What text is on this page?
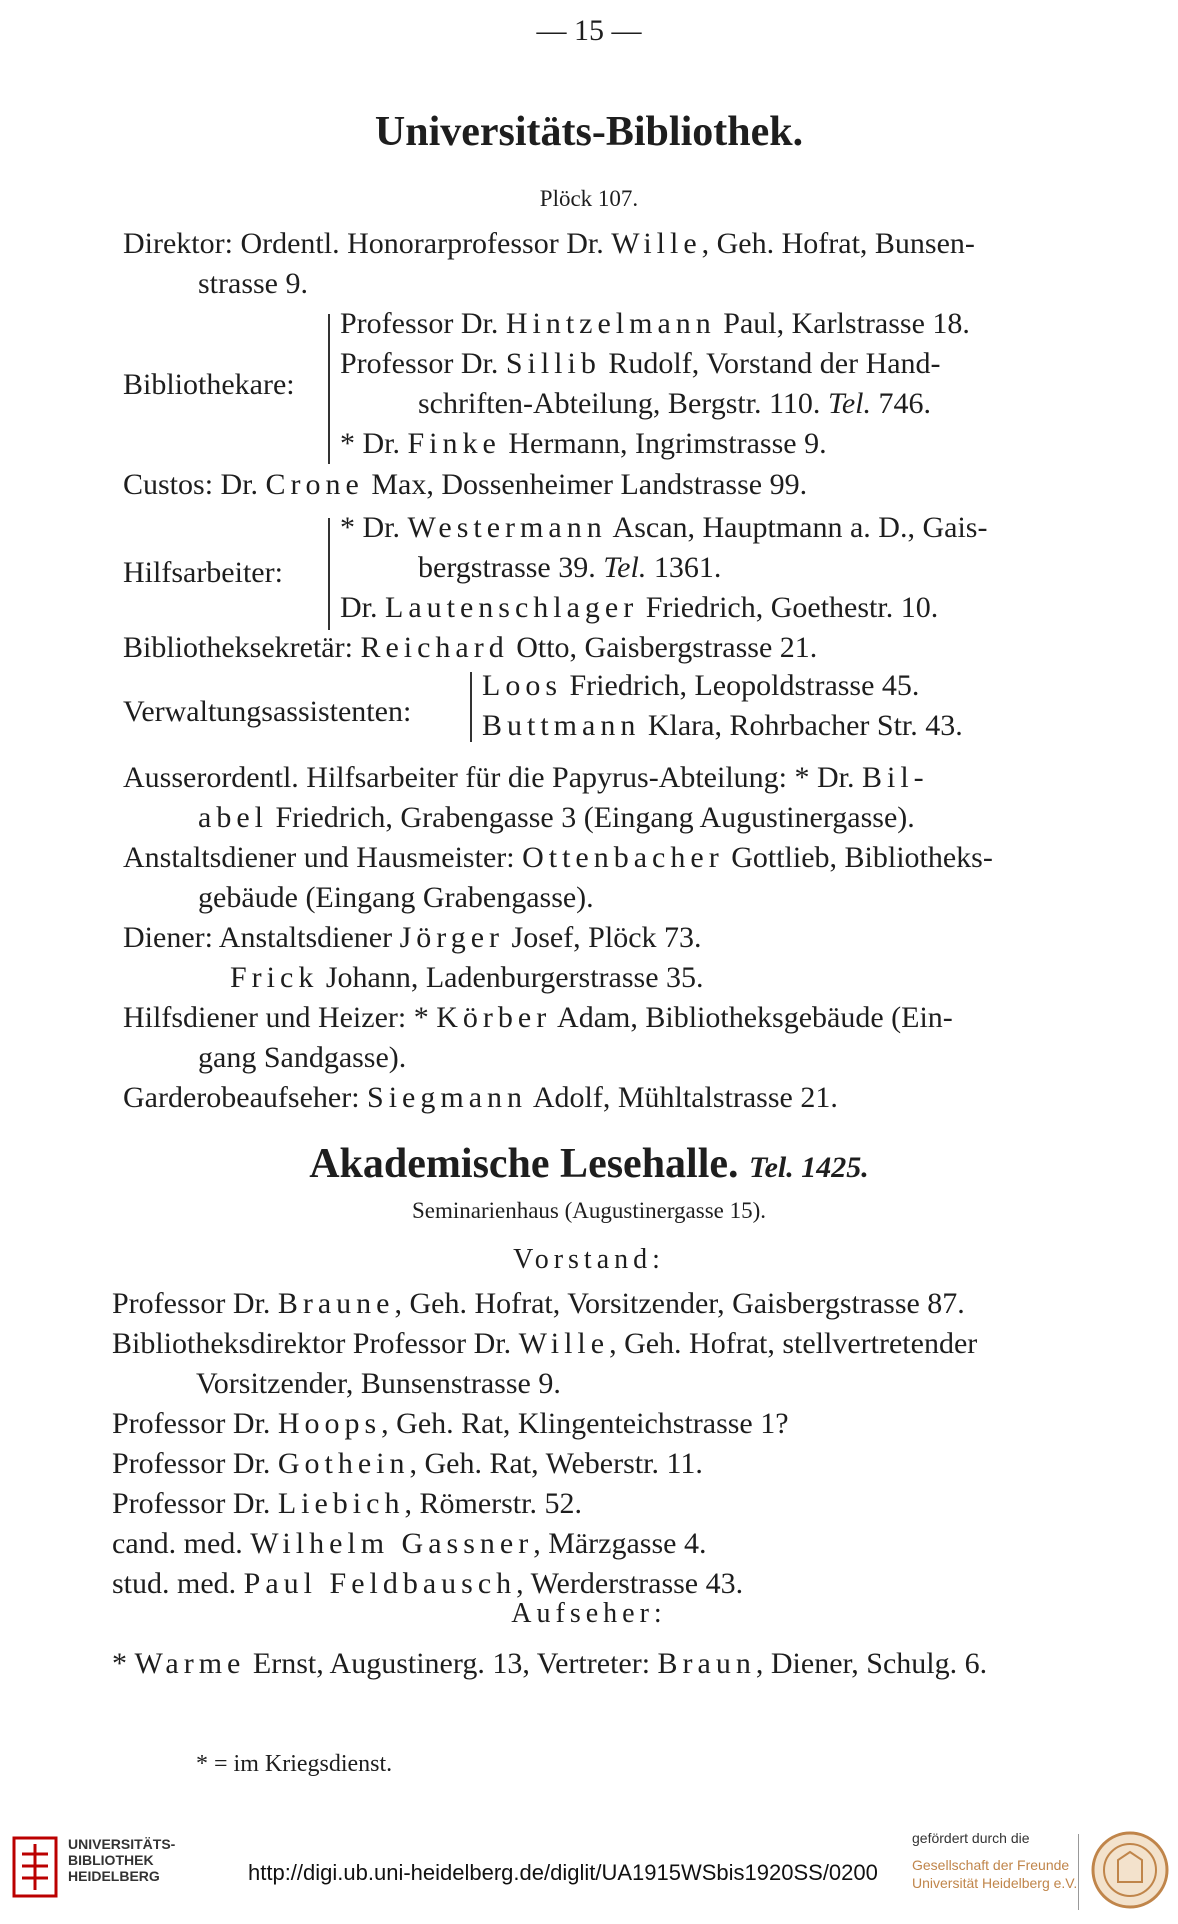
— 15 —
Universitäts-Bibliothek.
Plöck 107.
Direktor: Ordentl. Honorarprofessor Dr. Wille, Geh. Hofrat, Bunsen-
strasse 9.
Bibliothekare:
Professor Dr. Hintzelmann Paul, Karlstrasse 18.
Professor Dr. Sillib Rudolf, Vorstand der Hand-
schriften-Abteilung, Bergstr. 110. Tel. 746.
* Dr. Finke Hermann, Ingrimstrasse 9.
Custos: Dr. Crone Max, Dossenheimer Landstrasse 99.
Hilfsarbeiter:
* Dr. Westermann Ascan, Hauptmann a. D., Gais-
bergstrasse 39. Tel. 1361.
Dr. Lautenschlager Friedrich, Goethestr. 10.
Bibliotheksekretär: Reichard Otto, Gaisbergstrasse 21.
Verwaltungsassistenten:
Loos Friedrich, Leopoldstrasse 45.
Buttmann Klara, Rohrbacher Str. 43.
Ausserordentl. Hilfsarbeiter für die Papyrus-Abteilung: * Dr. Bil-
abel Friedrich, Grabengasse 3 (Eingang Augustinergasse).
Anstaltsdiener und Hausmeister: Ottenbacher Gottlieb, Bibliotheks-
gebäude (Eingang Grabengasse).
Diener: Anstaltsdiener Jörger Josef, Plöck 73.
Frick Johann, Ladenburgerstrasse 35.
Hilfsdiener und Heizer: * Körber Adam, Bibliotheksgebäude (Ein-
gang Sandgasse).
Garderobeaufseher: Siegmann Adolf, Mühltalstrasse 21.
Akademische Lesehalle. Tel. 1425.
Seminarienhaus (Augustinergasse 15).
Vorstand:
Professor Dr. Braune, Geh. Hofrat, Vorsitzender, Gaisbergstrasse 87.
Bibliotheksdirektor Professor Dr. Wille, Geh. Hofrat, stellvertretender
Vorsitzender, Bunsenstrasse 9.
Professor Dr. Hoops, Geh. Rat, Klingenteichstrasse 1?
Professor Dr. Gothein, Geh. Rat, Weberstr. 11.
Professor Dr. Liebich, Römerstr. 52.
cand. med. Wilhelm Gassner, Märzgasse 4.
stud. med. Paul Feldbausch, Werderstrasse 43.
Aufseher:
* Warme Ernst, Augustinerg. 13, Vertreter: Braun, Diener, Schulg. 6.
* = im Kriegsdienst.
UNIVERSITÄTS-
BIBLIOTHEK
HEIDELBERG	http://digi.ub.uni-heidelberg.de/diglit/UA1915WSbis1920SS/0200
gefördert durch die
Gesellschaft der Freunde
Universität Heidelberg e.V.
